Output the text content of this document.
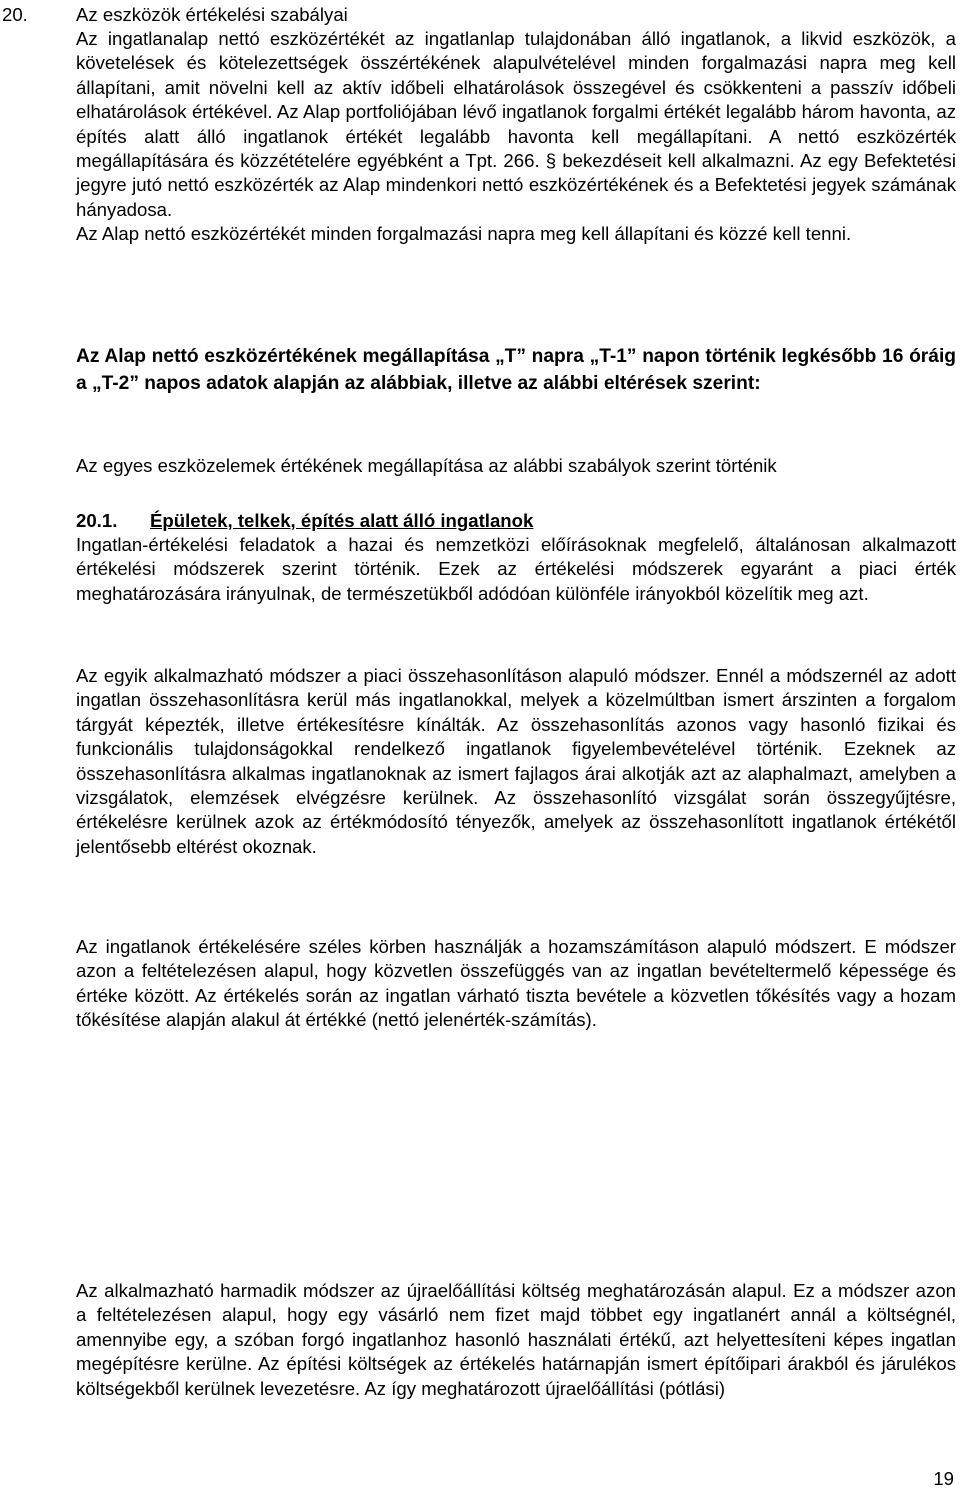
20.	Az eszközök értékelési szabályai

Az ingatlanalap nettó eszközértékét az ingatlanlap tulajdonában álló ingatlanok, a likvid eszközök, a követelések és kötelezettségek összértékének alapulvételével minden forgalmazási napra meg kell állapítani, amit növelni kell az aktív időbeli elhatárolások összegével és csökkenteni a passzív időbeli elhatárolások értékével. Az Alap portfoliójában lévő ingatlanok forgalmi értékét legalább három havonta, az építés alatt álló ingatlanok értékét legalább havonta kell megállapítani. A nettó eszközérték megállapítására és közzétételére egyébként a Tpt. 266. § bekezdéseit kell alkalmazni. Az egy Befektetési jegyre jutó nettó eszközérték az Alap mindenkori nettó eszközértékének és a Befektetési jegyek számának hányadosa.

Az Alap nettó eszközértékét minden forgalmazási napra meg kell állapítani és közzé kell tenni.

Az Alap nettó eszközértékének megállapítása „T” napra „T-1” napon történik legkésőbb 16 óráig a „T-2” napos adatok alapján az alábbiak, illetve az alábbi eltérések szerint:

Az egyes eszközelemek értékének megállapítása az alábbi szabályok szerint történik

20.1. Épületek, telkek, építés alatt álló ingatlanok

Ingatlan-értékelési feladatok a hazai és nemzetközi előírásoknak megfelelő, általánosan alkalmazott értékelési módszerek szerint történik. Ezek az értékelési módszerek egyaránt a piaci érték meghatározására irányulnak, de természetükből adódóan különféle irányokból közelítik meg azt.

Az egyik alkalmazható módszer a piaci összehasonlításon alapuló módszer. Ennél a módszernél az adott ingatlan összehasonlításra kerül más ingatlanokkal, melyek a közelmúltban ismert árszinten a forgalom tárgyát képezték, illetve értékesítésre kínálták. Az összehasonlítás azonos vagy hasonló fizikai és funkcionális tulajdonságokkal rendelkező ingatlanok figyelembevételével történik. Ezeknek az összehasonlításra alkalmas ingatlanoknak az ismert fajlagos árai alkotják azt az alaphalmazt, amelyben a vizsgálatok, elemzések elvégzésre kerülnek. Az összehasonlító vizsgálat során összegyűjtésre, értékelésre kerülnek azok az értékmódosító tényezők, amelyek az összehasonlított ingatlanok értékétől jelentősebb eltérést okoznak.

Az ingatlanok értékelésére széles körben használják a hozamszámításon alapuló módszert. E módszer azon a feltételezésen alapul, hogy közvetlen összefüggés van az ingatlan bevételtermelő képessége és értéke között. Az értékelés során az ingatlan várható tiszta bevétele a közvetlen tőkésítés vagy a hozam tőkésítése alapján alakul át értékké (nettó jelenérték-számítás).

Az alkalmazható harmadik módszer az újraelőállítási költség meghatározásán alapul. Ez a módszer azon a feltételezésen alapul, hogy egy vásárló nem fizet majd többet egy ingatlanért annál a költségnél, amennyibe egy, a szóban forgó ingatlanhoz hasonló használati értékű, azt helyettesíteni képes ingatlan megépítésre kerülne. Az építési költségek az értékelés határnapján ismert építőipari árakból és járulékos költségekből kerülnek levezetésre. Az így meghatározott újraelőállítási (pótlási)

19
